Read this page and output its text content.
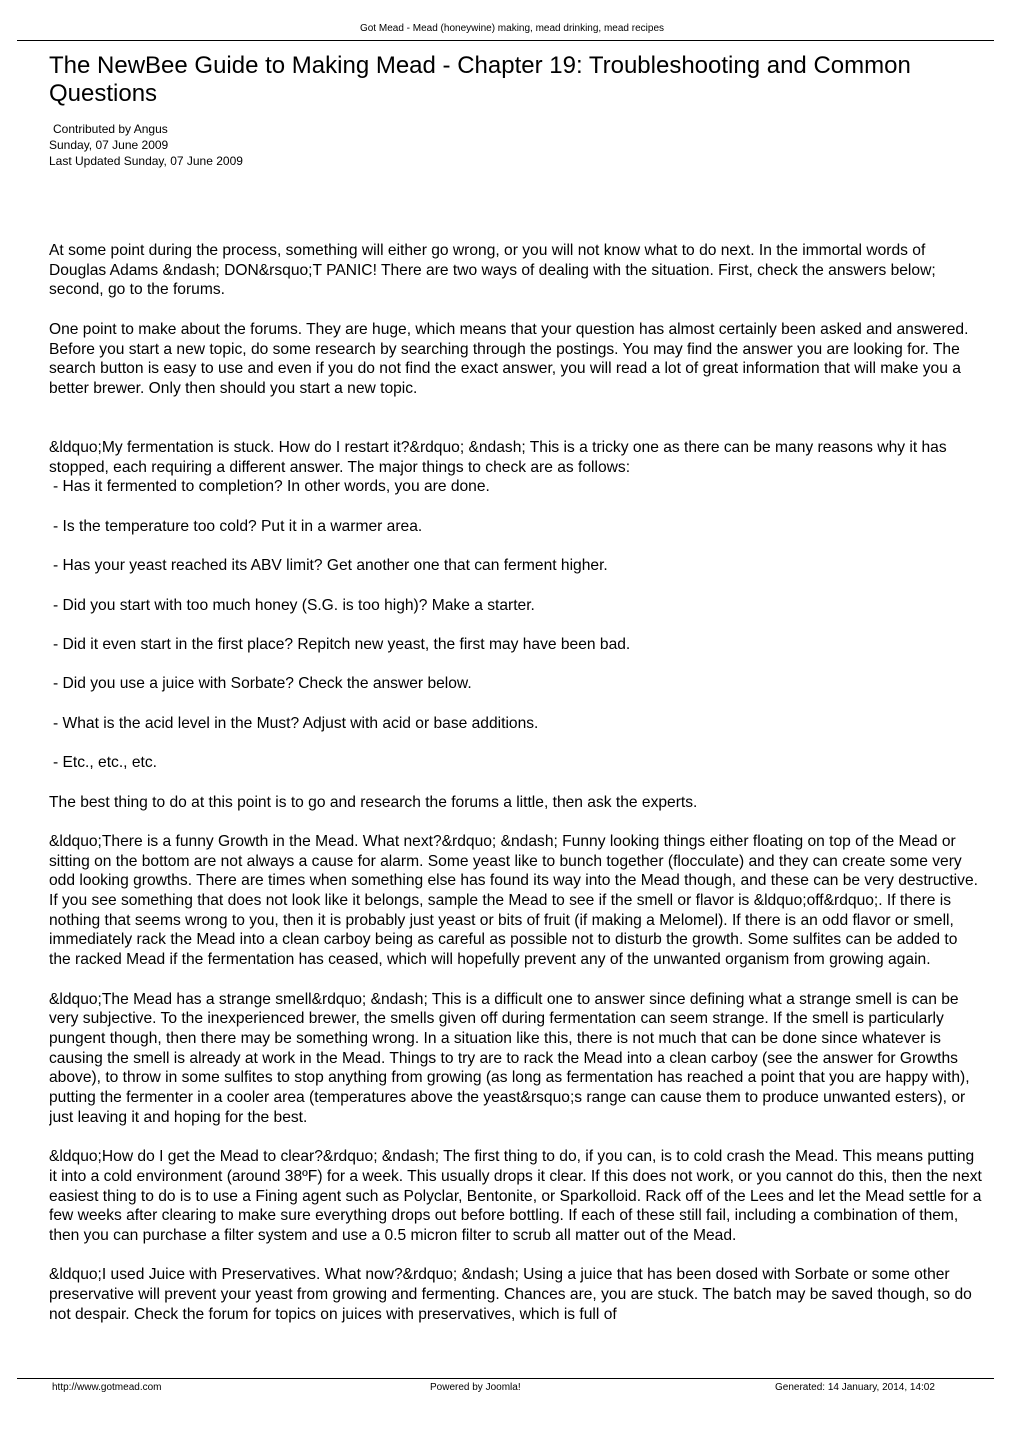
Got Mead - Mead (honeywine) making, mead drinking, mead recipes
The NewBee Guide to Making Mead - Chapter 19: Troubleshooting and Common Questions
Contributed by Angus
Sunday, 07 June 2009
Last Updated Sunday, 07 June 2009

At some point during the process, something will either go wrong, or you will not know what to do next. In the immortal words of Douglas Adams &ndash; DON&rsquo;T PANIC! There are two ways of dealing with the situation. First, check the answers below; second, go to the forums.

One point to make about the forums. They are huge, which means that your question has almost certainly been asked and answered. Before you start a new topic, do some research by searching through the postings. You may find the answer you are looking for. The search button is easy to use and even if you do not find the exact answer, you will read a lot of great information that will make you a better brewer. Only then should you start a new topic.

&ldquo;My fermentation is stuck. How do I restart it?&rdquo; &ndash; This is a tricky one as there can be many reasons why it has stopped, each requiring a different answer. The major things to check are as follows:

- Has it fermented to completion? In other words, you are done.
- Is the temperature too cold? Put it in a warmer area.
- Has your yeast reached its ABV limit? Get another one that can ferment higher.
- Did you start with too much honey (S.G. is too high)? Make a starter.
- Did it even start in the first place? Repitch new yeast, the first may have been bad.
- Did you use a juice with Sorbate? Check the answer below.
- What is the acid level in the Must? Adjust with acid or base additions.
- Etc., etc., etc.

The best thing to do at this point is to go and research the forums a little, then ask the experts.

&ldquo;There is a funny Growth in the Mead. What next?&rdquo; &ndash; Funny looking things either floating on top of the Mead or sitting on the bottom are not always a cause for alarm. Some yeast like to bunch together (flocculate) and they can create some very odd looking growths. There are times when something else has found its way into the Mead though, and these can be very destructive. If you see something that does not look like it belongs, sample the Mead to see if the smell or flavor is &ldquo;off&rdquo;. If there is nothing that seems wrong to you, then it is probably just yeast or bits of fruit (if making a Melomel). If there is an odd flavor or smell, immediately rack the Mead into a clean carboy being as careful as possible not to disturb the growth. Some sulfites can be added to the racked Mead if the fermentation has ceased, which will hopefully prevent any of the unwanted organism from growing again.

&ldquo;The Mead has a strange smell&rdquo; &ndash; This is a difficult one to answer since defining what a strange smell is can be very subjective. To the inexperienced brewer, the smells given off during fermentation can seem strange. If the smell is particularly pungent though, then there may be something wrong. In a situation like this, there is not much that can be done since whatever is causing the smell is already at work in the Mead. Things to try are to rack the Mead into a clean carboy (see the answer for Growths above), to throw in some sulfites to stop anything from growing (as long as fermentation has reached a point that you are happy with), putting the fermenter in a cooler area (temperatures above the yeast&rsquo;s range can cause them to produce unwanted esters), or just leaving it and hoping for the best.

&ldquo;How do I get the Mead to clear?&rdquo; &ndash; The first thing to do, if you can, is to cold crash the Mead. This means putting it into a cold environment (around 38ºF) for a week. This usually drops it clear. If this does not work, or you cannot do this, then the next easiest thing to do is to use a Fining agent such as Polyclar, Bentonite, or Sparkolloid. Rack off of the Lees and let the Mead settle for a few weeks after clearing to make sure everything drops out before bottling. If each of these still fail, including a combination of them, then you can purchase a filter system and use a 0.5 micron filter to scrub all matter out of the Mead.

&ldquo;I used Juice with Preservatives. What now?&rdquo; &ndash; Using a juice that has been dosed with Sorbate or some other preservative will prevent your yeast from growing and fermenting. Chances are, you are stuck. The batch may be saved though, so do not despair. Check the forum for topics on juices with preservatives, which is full of

http://www.gotmead.com	Powered by Joomla!	Generated: 14 January, 2014, 14:02
